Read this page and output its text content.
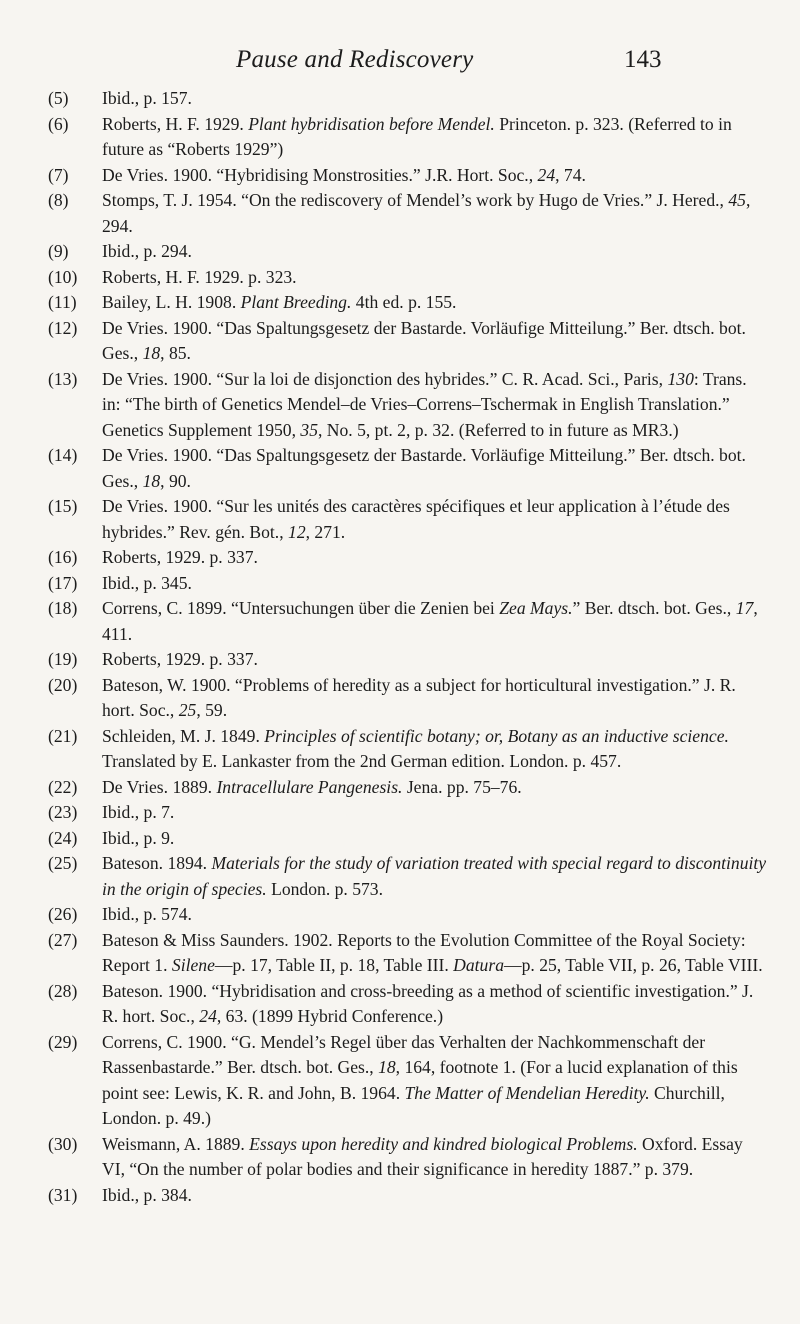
Pause and Rediscovery	143
(5) Ibid., p. 157.
(6) Roberts, H. F. 1929. Plant hybridisation before Mendel. Princeton. p. 323. (Referred to in future as “Roberts 1929”)
(7) De Vries. 1900. “Hybridising Monstrosities.” J.R. Hort. Soc., 24, 74.
(8) Stomps, T. J. 1954. “On the rediscovery of Mendel’s work by Hugo de Vries.” J. Hered., 45, 294.
(9) Ibid., p. 294.
(10) Roberts, H. F. 1929. p. 323.
(11) Bailey, L. H. 1908. Plant Breeding. 4th ed. p. 155.
(12) De Vries. 1900. “Das Spaltungsgesetz der Bastarde. Vorläufige Mitteilung.” Ber. dtsch. bot. Ges., 18, 85.
(13) De Vries. 1900. “Sur la loi de disjonction des hybrides.” C. R. Acad. Sci., Paris, 130: Trans. in: “The birth of Genetics Mendel–de Vries–Correns–Tschermak in English Translation.” Genetics Supplement 1950, 35, No. 5, pt. 2, p. 32. (Referred to in future as MR3.)
(14) De Vries. 1900. “Das Spaltungsgesetz der Bastarde. Vorläufige Mitteilung.” Ber. dtsch. bot. Ges., 18, 90.
(15) De Vries. 1900. “Sur les unités des caractères spécifiques et leur application à l’étude des hybrides.” Rev. gén. Bot., 12, 271.
(16) Roberts, 1929. p. 337.
(17) Ibid., p. 345.
(18) Correns, C. 1899. “Untersuchungen über die Zenien bei Zea Mays.” Ber. dtsch. bot. Ges., 17, 411.
(19) Roberts, 1929. p. 337.
(20) Bateson, W. 1900. “Problems of heredity as a subject for horticultural investigation.” J. R. hort. Soc., 25, 59.
(21) Schleiden, M. J. 1849. Principles of scientific botany; or, Botany as an inductive science. Translated by E. Lankaster from the 2nd German edition. London. p. 457.
(22) De Vries. 1889. Intracellulare Pangenesis. Jena. pp. 75–76.
(23) Ibid., p. 7.
(24) Ibid., p. 9.
(25) Bateson. 1894. Materials for the study of variation treated with special regard to discontinuity in the origin of species. London. p. 573.
(26) Ibid., p. 574.
(27) Bateson & Miss Saunders. 1902. Reports to the Evolution Committee of the Royal Society: Report 1. Silene—p. 17, Table II, p. 18, Table III. Datura—p. 25, Table VII, p. 26, Table VIII.
(28) Bateson. 1900. “Hybridisation and cross-breeding as a method of scientific investigation.” J. R. hort. Soc., 24, 63. (1899 Hybrid Conference.)
(29) Correns, C. 1900. “G. Mendel’s Regel über das Verhalten der Nachkommenschaft der Rassenbastarde.” Ber. dtsch. bot. Ges., 18, 164, footnote 1. (For a lucid explanation of this point see: Lewis, K. R. and John, B. 1964. The Matter of Mendelian Heredity. Churchill, London. p. 49.)
(30) Weismann, A. 1889. Essays upon heredity and kindred biological Problems. Oxford. Essay VI, “On the number of polar bodies and their significance in heredity 1887.” p. 379.
(31) Ibid., p. 384.
